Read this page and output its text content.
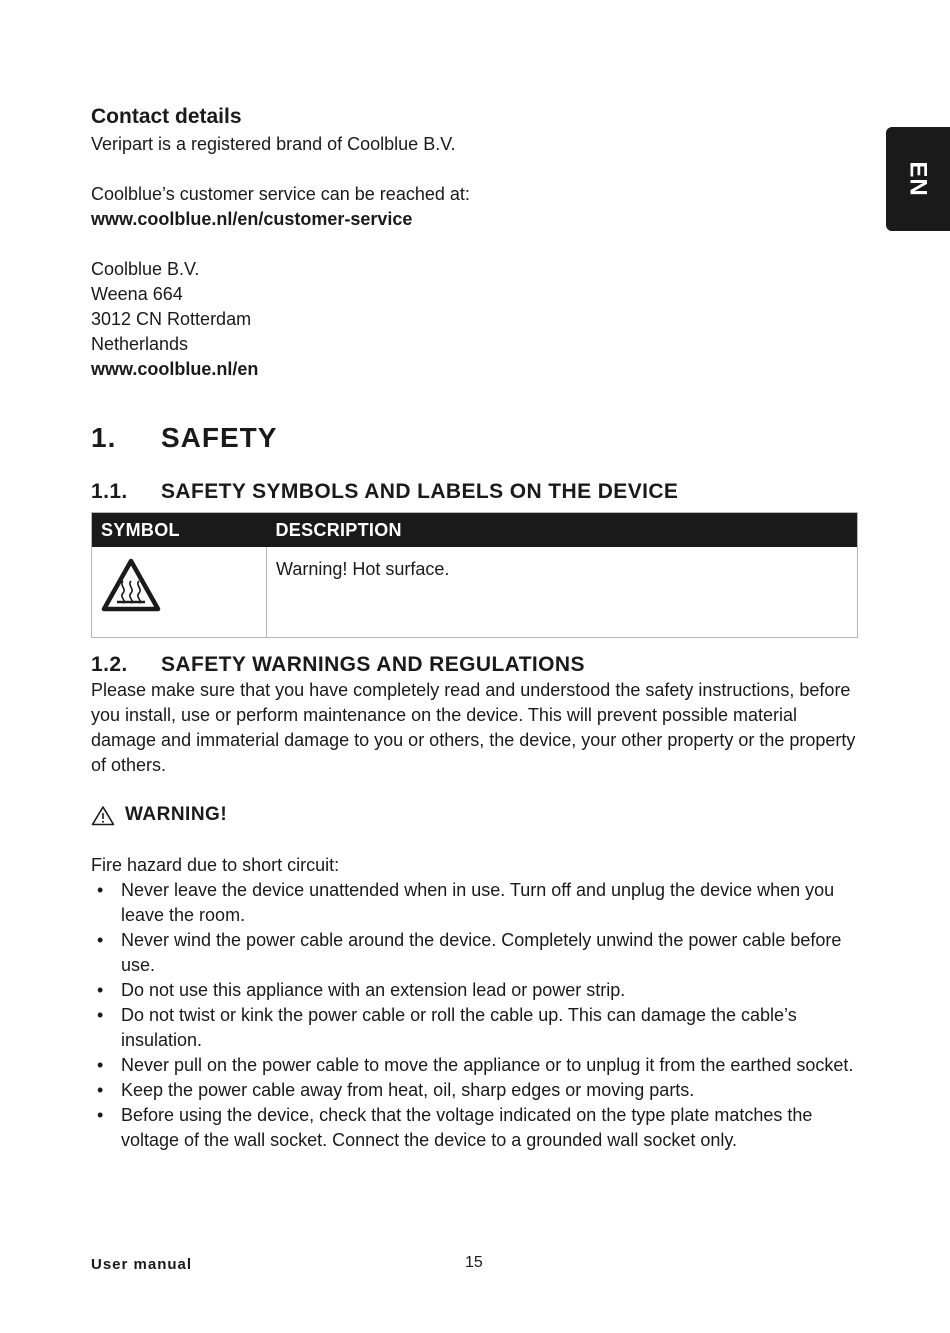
EN
Contact details

Veripart is a registered brand of Coolblue B.V.

Coolblue’s customer service can be reached at:

www.coolblue.nl/en/customer-service

Coolblue B.V.

Weena 664

3012 CN Rotterdam

Netherlands

www.coolblue.nl/en

1.	SAFETY
1.1.	SAFETY SYMBOLS AND LABELS ON THE DEVICE
SYMBOL	DESCRIPTION
	Warning! Hot surface.
1.2.	SAFETY WARNINGS AND REGULATIONS

Please make sure that you have completely read and understood the safety instructions, before you install, use or perform maintenance on the device. This will prevent possible material damage and immaterial damage to you or others, the device, your other property or the property of others.

WARNING!

Fire hazard due to short circuit:

• Never leave the device unattended when in use. Turn off and unplug the device when you leave the room.
• Never wind the power cable around the device. Completely unwind the power cable before use.
• Do not use this appliance with an extension lead or power strip.
• Do not twist or kink the power cable or roll the cable up. This can damage the cable’s insulation.
• Never pull on the power cable to move the appliance or to unplug it from the earthed socket.
• Keep the power cable away from heat, oil, sharp edges or moving parts.
• Before using the device, check that the voltage indicated on the type plate matches the voltage of the wall socket. Connect the device to a grounded wall socket only.
User manual	15
